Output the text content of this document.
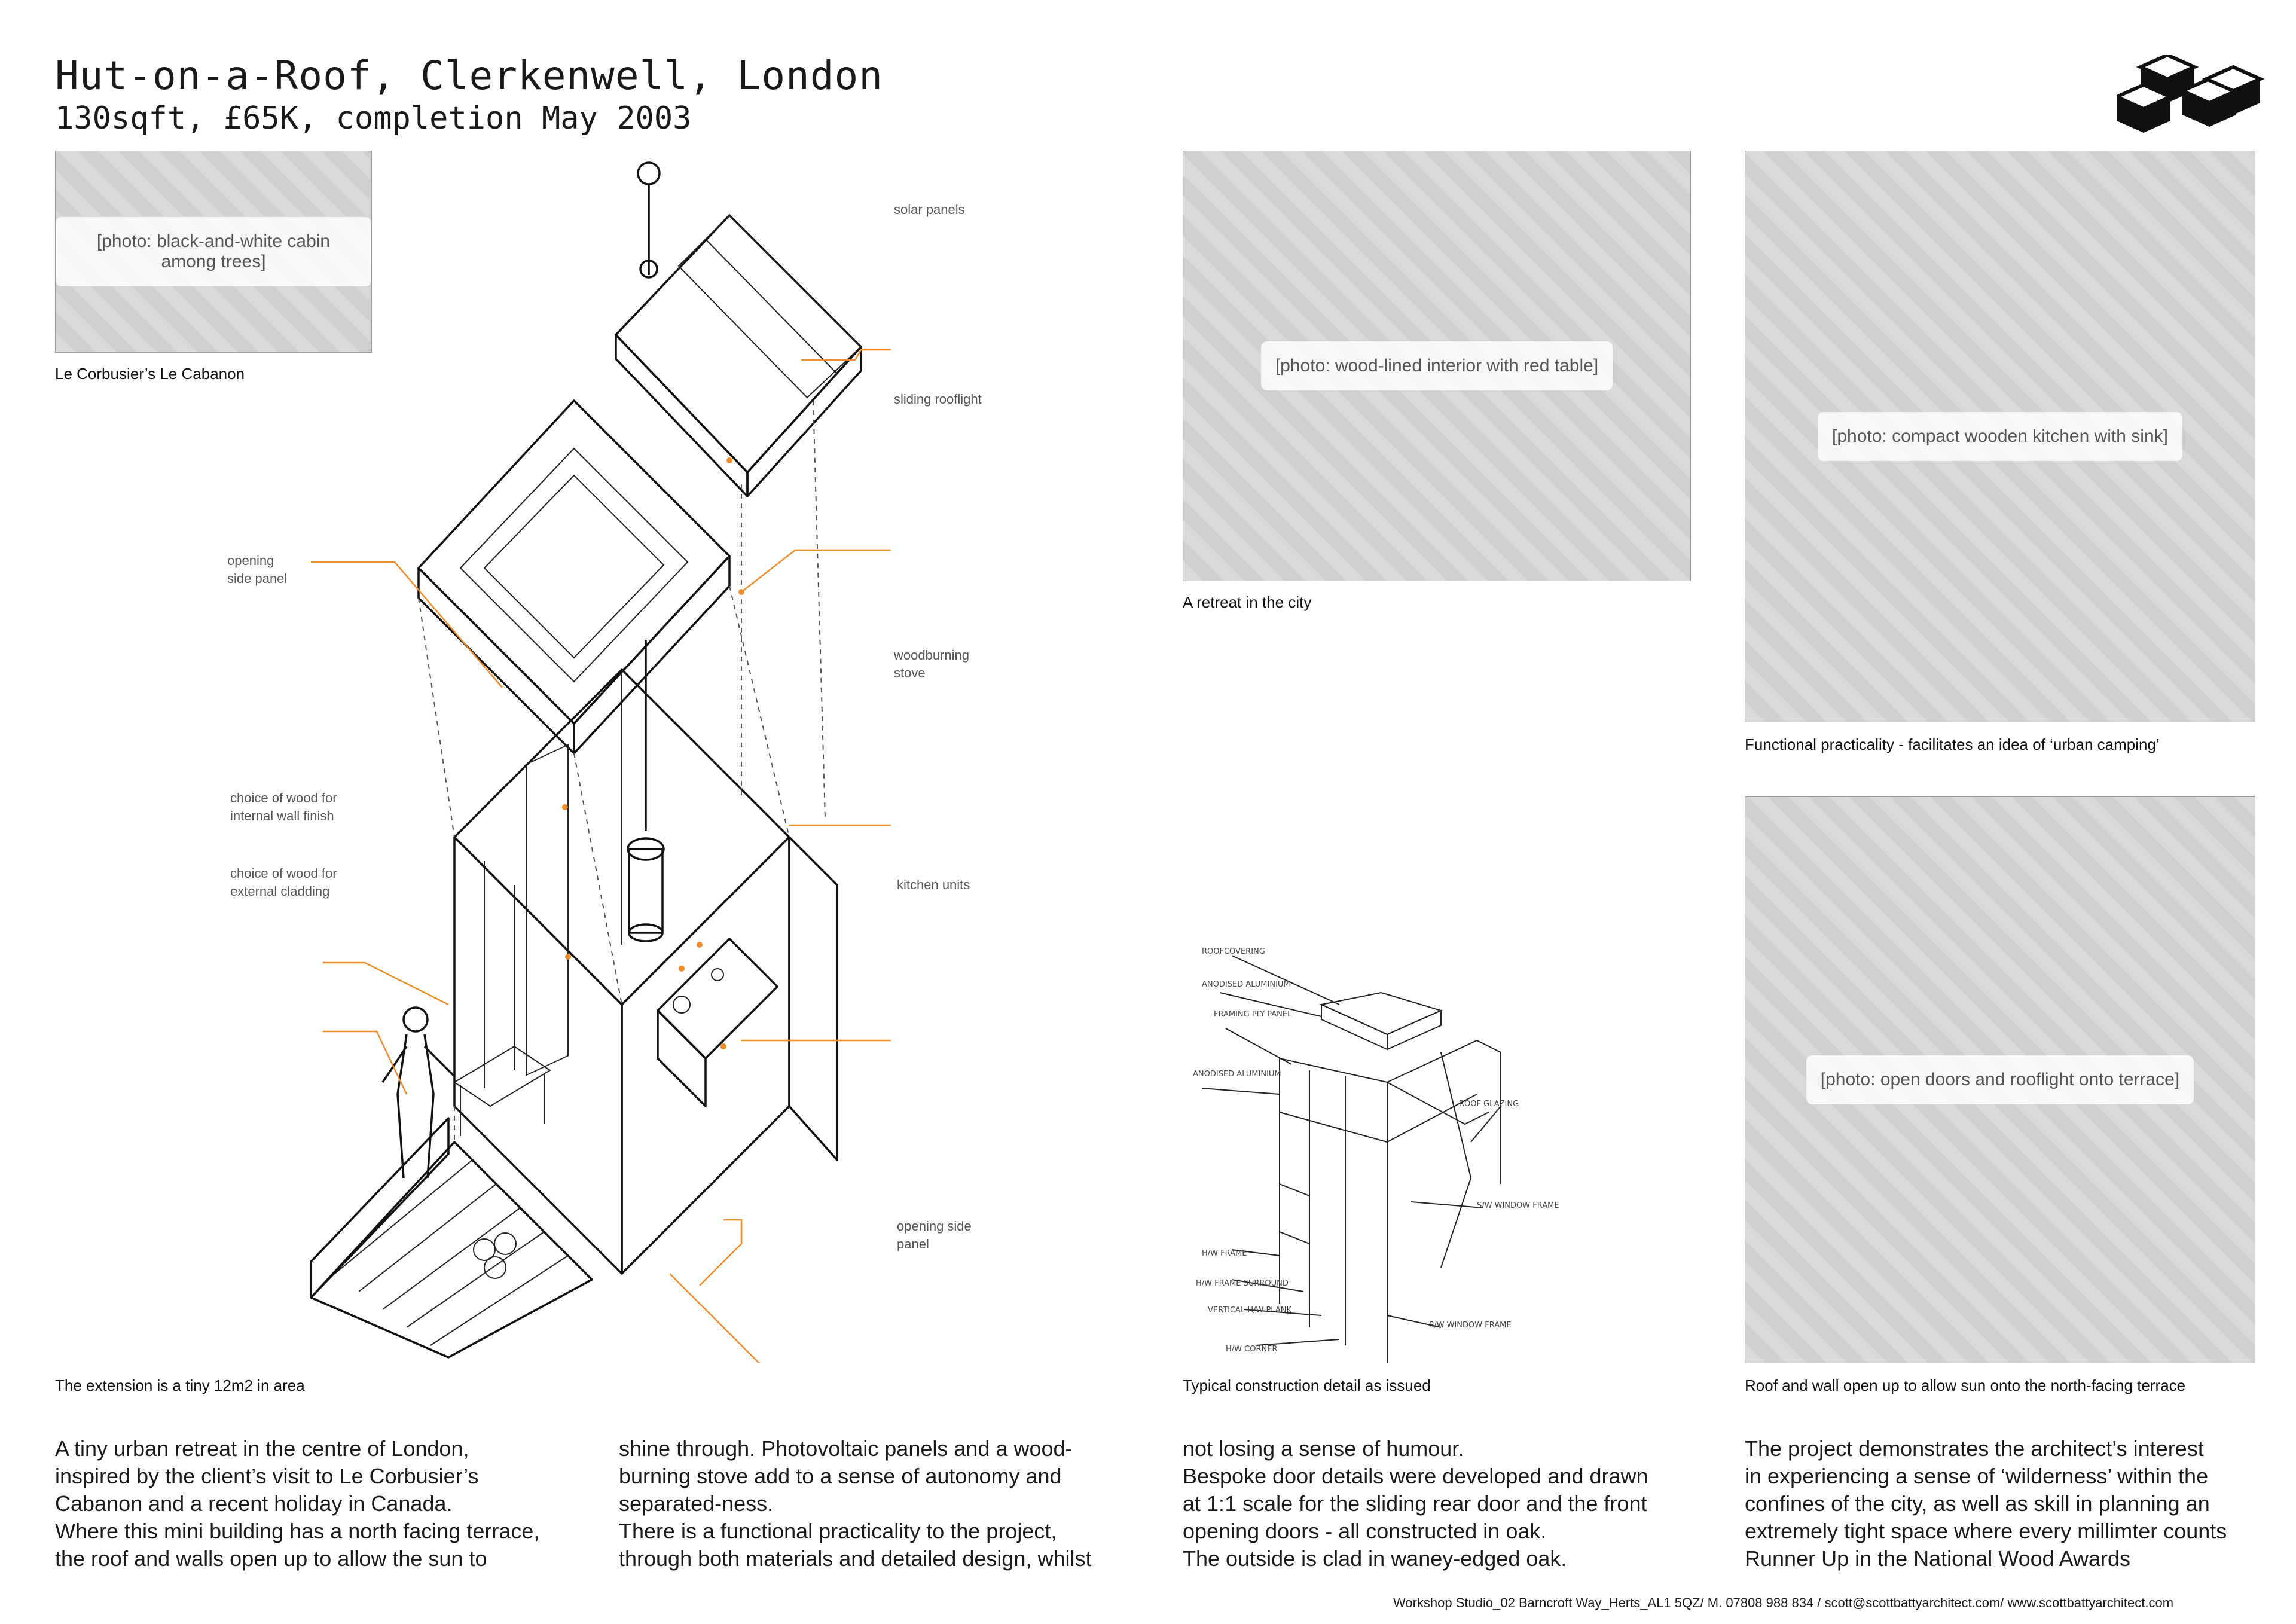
Hut-on-a-Roof, Clerkenwell, London
130sqft, £65K, completion May 2003
[photo: black-and-white cabin among trees]
Le Corbusier’s Le Cabanon
solar panels
sliding rooflight
opening
side panel
woodburning
stove
choice of wood for
internal wall finish
choice of wood for
external cladding	kitchen units
opening side
panel
The extension is a tiny 12m2 in area
[photo: wood-lined interior with red table]
A retreat in the city
[photo: compact wooden kitchen with sink]
Functional practicality - facilitates an idea of ‘urban camping’
ROOFCOVERING
ANODISED ALUMINIUM
FRAMING PLY PANEL
ANODISED ALUMINIUM
ROOF GLAZING
S/W WINDOW FRAME
H/W FRAME
H/W FRAME SURROUND
VERTICAL H/W PLANK
H/W CORNER
S/W WINDOW FRAME
Typical construction detail as issued
[photo: open doors and rooflight onto terrace]
Roof and wall open up to allow sun onto the north-facing terrace

A tiny urban retreat in the centre of London,

inspired by the client’s visit to Le Corbusier’s

Cabanon and a recent holiday in Canada.

Where this mini building has a north facing terrace,

the roof and walls open up to allow the sun to

shine through. Photovoltaic panels and a wood-

burning stove add to a sense of autonomy and

separated-ness.

There is a functional practicality to the project,

through both materials and detailed design, whilst

not losing a sense of humour.

Bespoke door details were developed and drawn

at 1:1 scale for the sliding rear door and the front

opening doors - all constructed in oak.

The outside is clad in waney-edged oak.

The project demonstrates the architect’s interest

in experiencing a sense of ‘wilderness’ within the

confines of the city, as well as skill in planning an

extremely tight space where every millimter counts

Runner Up in the National Wood Awards

Workshop Studio_02 Barncroft Way_Herts_AL1 5QZ/ M. 07808 988 834 / scott@scottbattyarchitect.com/ www.scottbattyarchitect.com
